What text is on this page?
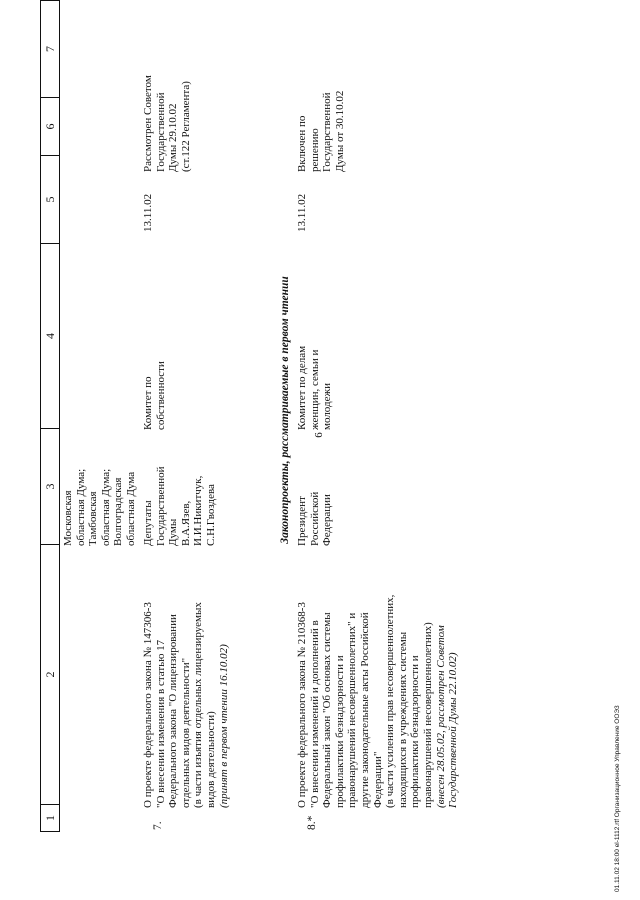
6
1
2
3
4
5
6
7
Московская областная Дума; Тамбовская областная Дума; Волгоградская областная Дума
7.
О проекте федерального закона № 147306-3 "О внесении изменения в статью 17 Федерального закона "О лицензировании отдельных видов деятельности" (в части изъятия отдельных лицензируемых видов деятельности) (принят в первом чтении 16.10.02)
Депутаты Государственной Думы В.А.Язев, И.И.Никитчук, С.Н.Гвоздева
Комитет по собственности
13.11.02
Рассмотрен Советом Государственной Думы 29.10.02 (ст.122 Регламента)
Законопроекты, рассматриваемые в первом чтении
8.*
О проекте федерального закона № 210368-3 "О внесении изменений и дополнений в Федеральный закон "Об основах системы профилактики безнадзорности и правонарушений несовершеннолетних" и другие законодательные акты Российской Федерации" (в части усиления прав несовершеннолетних, находящихся в учреждениях системы профилактики безнадзорности и правонарушений несовершеннолетних) (внесен 28.05.02, рассмотрен Советом Государственной Думы 22.10.02)
Президент Российской Федерации
Комитет по делам женщин, семьи и молодежи
13.11.02
Включен по решению Государственной Думы от 30.10.02
01.11.02 18:00 el-1112.rtf Организационное Управление ООЭ3
